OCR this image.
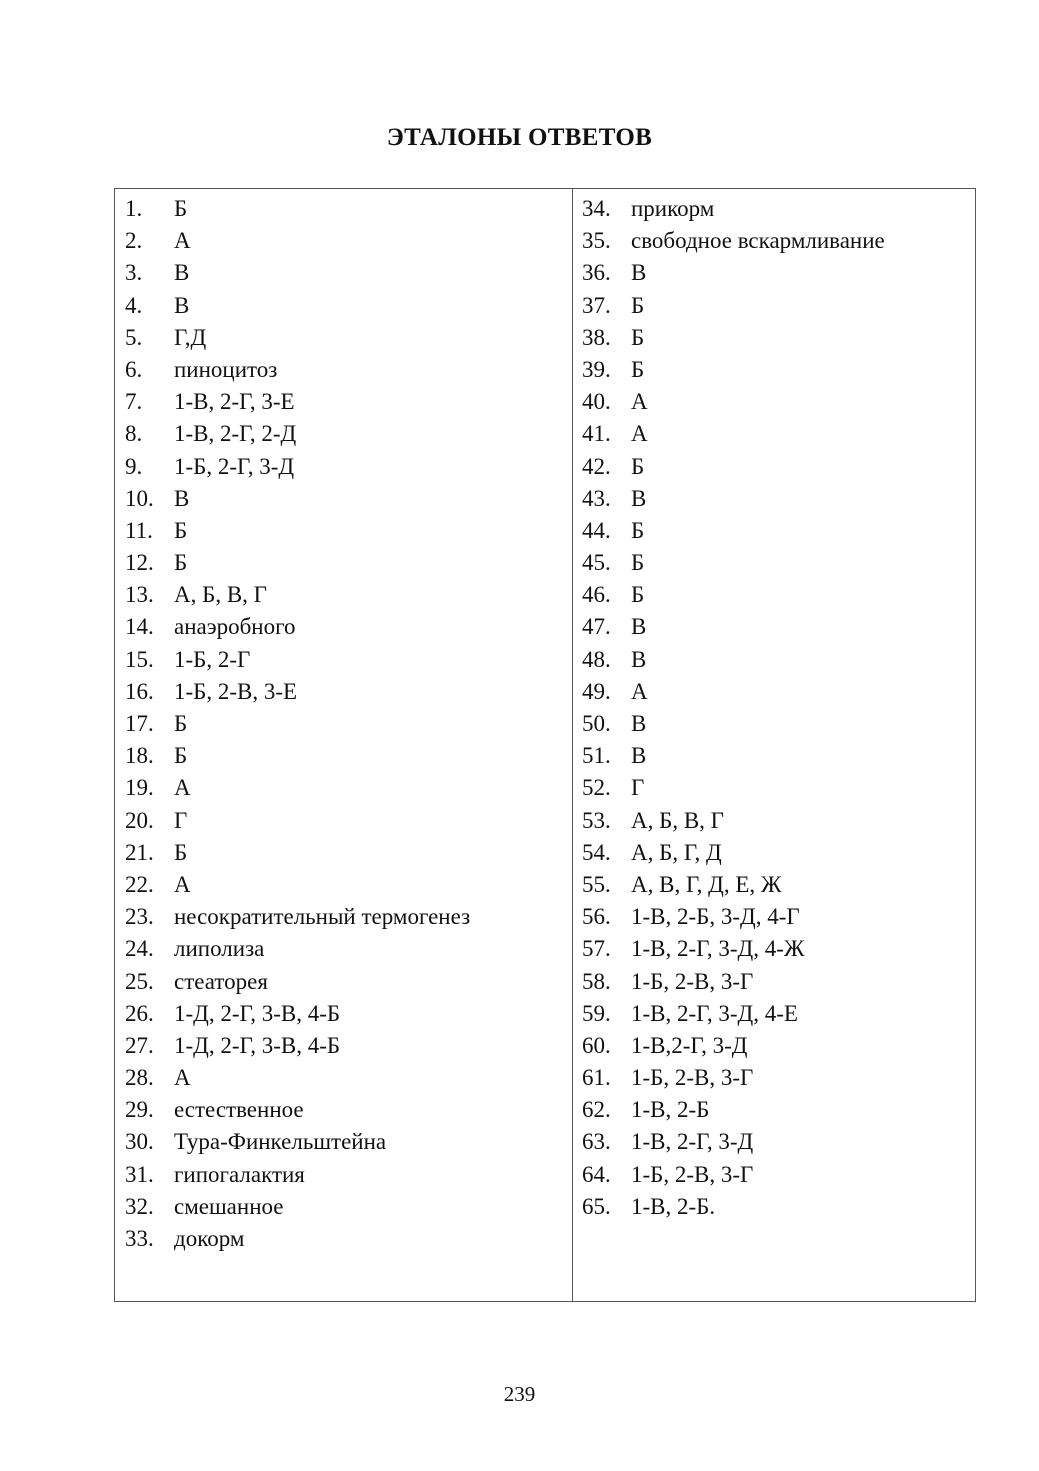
ЭТАЛОНЫ ОТВЕТОВ
1. Б
2. А
3. В
4. В
5. Г,Д
6. пиноцитоз
7. 1-В, 2-Г, 3-Е
8. 1-В, 2-Г, 2-Д
9. 1-Б, 2-Г, 3-Д
10. В
11. Б
12. Б
13. А, Б, В, Г
14. анаэробного
15. 1-Б, 2-Г
16. 1-Б, 2-В, 3-Е
17. Б
18. Б
19. А
20. Г
21. Б
22. А
23. несократительный термогенез
24. липолиза
25. стеаторея
26. 1-Д, 2-Г, 3-В, 4-Б
27. 1-Д, 2-Г, 3-В, 4-Б
28. А
29. естественное
30. Тура-Финкельштейна
31. гипогалактия
32. смешанное
33. докорм
34. прикорм
35. свободное вскармливание
36. В
37. Б
38. Б
39. Б
40. А
41. А
42. Б
43. В
44. Б
45. Б
46. Б
47. В
48. В
49. А
50. В
51. В
52. Г
53. А, Б, В, Г
54. А, Б, Г, Д
55. А, В, Г, Д, Е, Ж
56. 1-В, 2-Б, 3-Д, 4-Г
57. 1-В, 2-Г, 3-Д, 4-Ж
58. 1-Б, 2-В, 3-Г
59. 1-В, 2-Г, 3-Д, 4-Е
60. 1-В,2-Г, 3-Д
61. 1-Б, 2-В, 3-Г
62. 1-В, 2-Б
63. 1-В, 2-Г, 3-Д
64. 1-Б, 2-В, 3-Г
65. 1-В, 2-Б.
239
